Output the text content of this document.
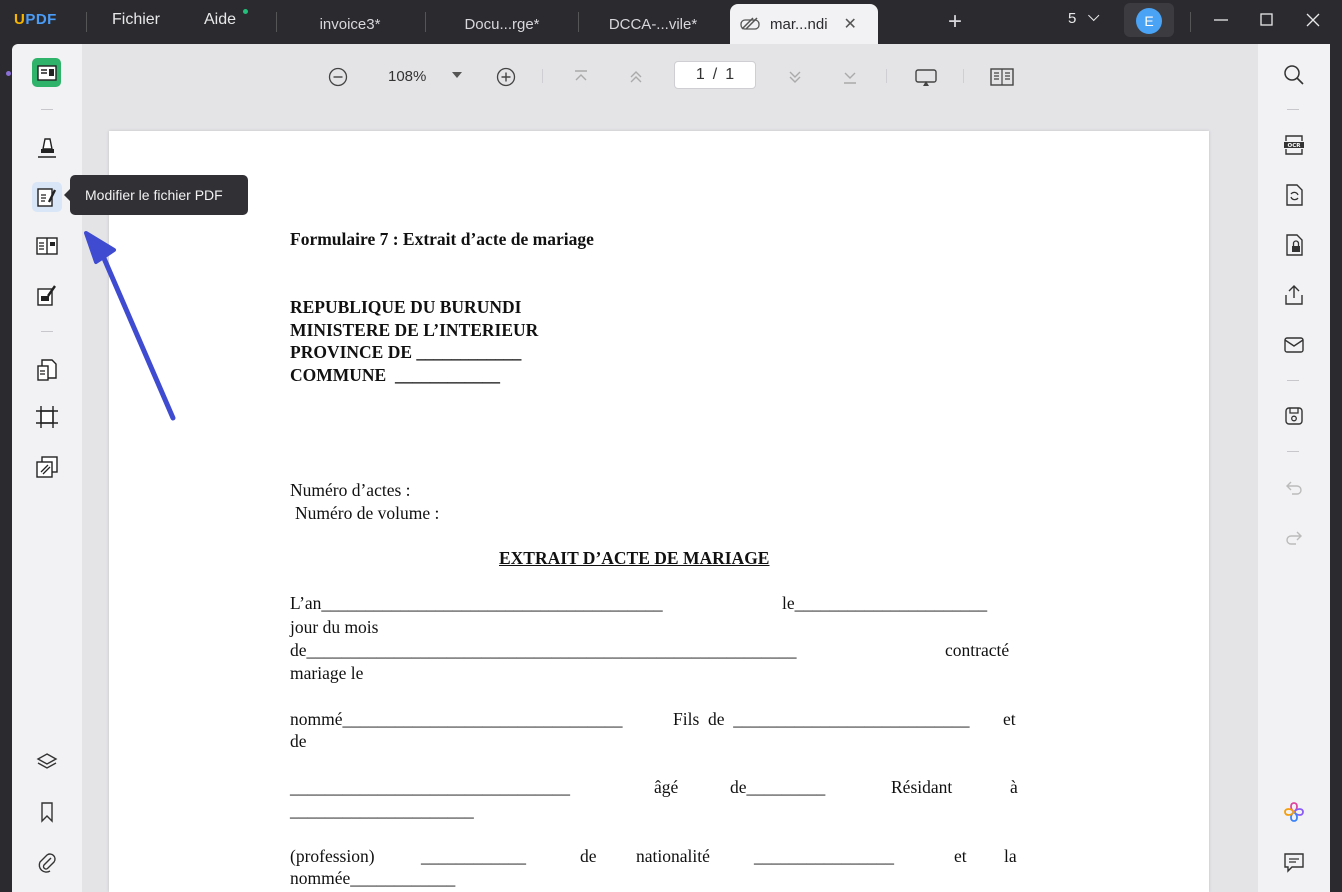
UPDF	Fichier	Aide	invoice3*	Docu...rge*	DCCA-...vile*	mar...ndi ✕	+	5	E
108%	1 / 1
Formulaire 7 : Extrait d’acte de mariage
REPUBLIQUE DU BURUNDI
MINISTERE DE L’INTERIEUR
PROVINCE DE ____________
COMMUNE  ____________
Numéro d’actes :
Numéro de volume :
EXTRAIT D’ACTE DE MARIAGE
L’an_______________________________________	le______________________
jour du mois
de________________________________________________________	contracté
mariage le
nommé________________________________	Fils  de  ___________________________ et
de
________________________________	âgé	de_________	Résidant	à
_____________________
(profession)	____________	de nationalité	________________	et la
nommée____________
OCR
Modifier le fichier PDF
